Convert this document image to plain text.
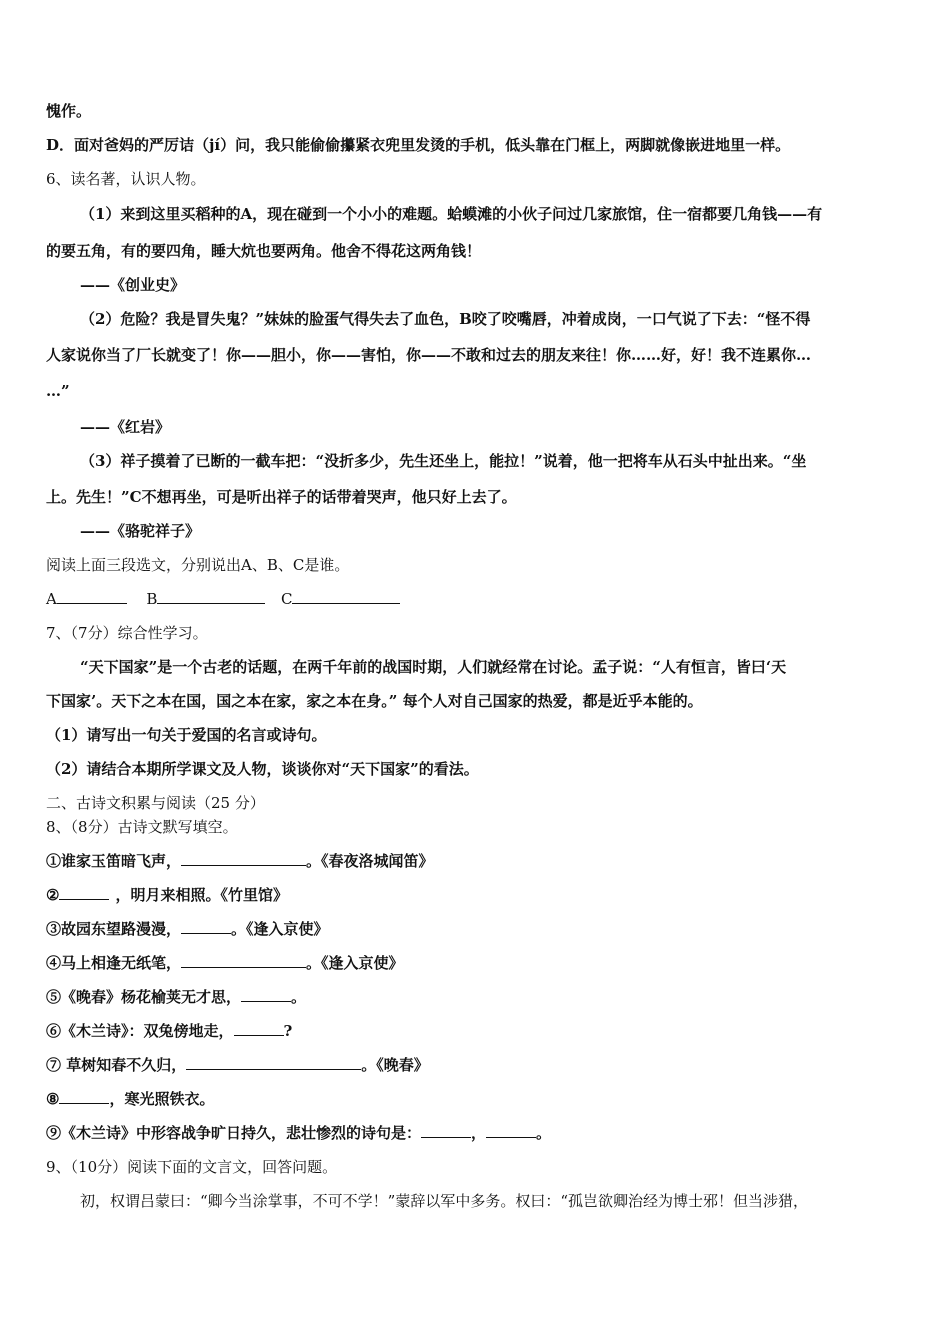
愧作。
D．面对爸妈的严厉诘（jí）问，我只能偷偷攥紧衣兜里发烫的手机，低头靠在门框上，两脚就像嵌进地里一样。
6、读名著，认识人物。
（1）来到这里买稻种的A，现在碰到一个小小的难题。蛤蟆滩的小伙子问过几家旅馆，住一宿都要几角钱——有
的要五角，有的要四角，睡大炕也要两角。他舍不得花这两角钱！
——《创业史》
（2）危险？我是冒失鬼？”妹妹的脸蛋气得失去了血色，B咬了咬嘴唇，冲着成岗，一口气说了下去：“怪不得
人家说你当了厂长就变了！你——胆小，你——害怕，你——不敢和过去的朋友来往！你……好，好！我不连累你…
…”
——《红岩》
（3）祥子摸着了已断的一截车把：“没折多少，先生还坐上，能拉！”说着，他一把将车从石头中扯出来。“坐
上。先生！”C不想再坐，可是听出祥子的话带着哭声，他只好上去了。
——《骆驼祥子》
阅读上面三段选文，分别说出A、B、C是谁。
A	B	C
7、（7分）综合性学习。
“天下国家”是一个古老的话题，在两千年前的战国时期，人们就经常在讨论。孟子说：“人有恒言，皆曰‘天
下国家’。天下之本在国，国之本在家，家之本在身。” 每个人对自己国家的热爱，都是近乎本能的。
（1）请写出一句关于爱国的名言或诗句。
（2）请结合本期所学课文及人物，谈谈你对“天下国家”的看法。
二、古诗文积累与阅读（25 分）
8、（8分）古诗文默写填空。
①谁家玉笛暗飞声，	。《春夜洛城闻笛》
②	，明月来相照。《竹里馆》
③故园东望路漫漫，	。《逢入京使》
④马上相逢无纸笔，	。《逢入京使》
⑤《晚春》杨花榆荚无才思，	。
⑥《木兰诗》：双兔傍地走，	?
⑦ 草树知春不久归，	。《晚春》
⑧	，寒光照铁衣。
⑨《木兰诗》中形容战争旷日持久，悲壮惨烈的诗句是：	，	。
9、（10分）阅读下面的文言文，回答问题。
初，权谓吕蒙曰：“卿今当涂掌事，不可不学！”蒙辞以军中多务。权曰：“孤岂欲卿治经为博士邪！但当涉猎，
